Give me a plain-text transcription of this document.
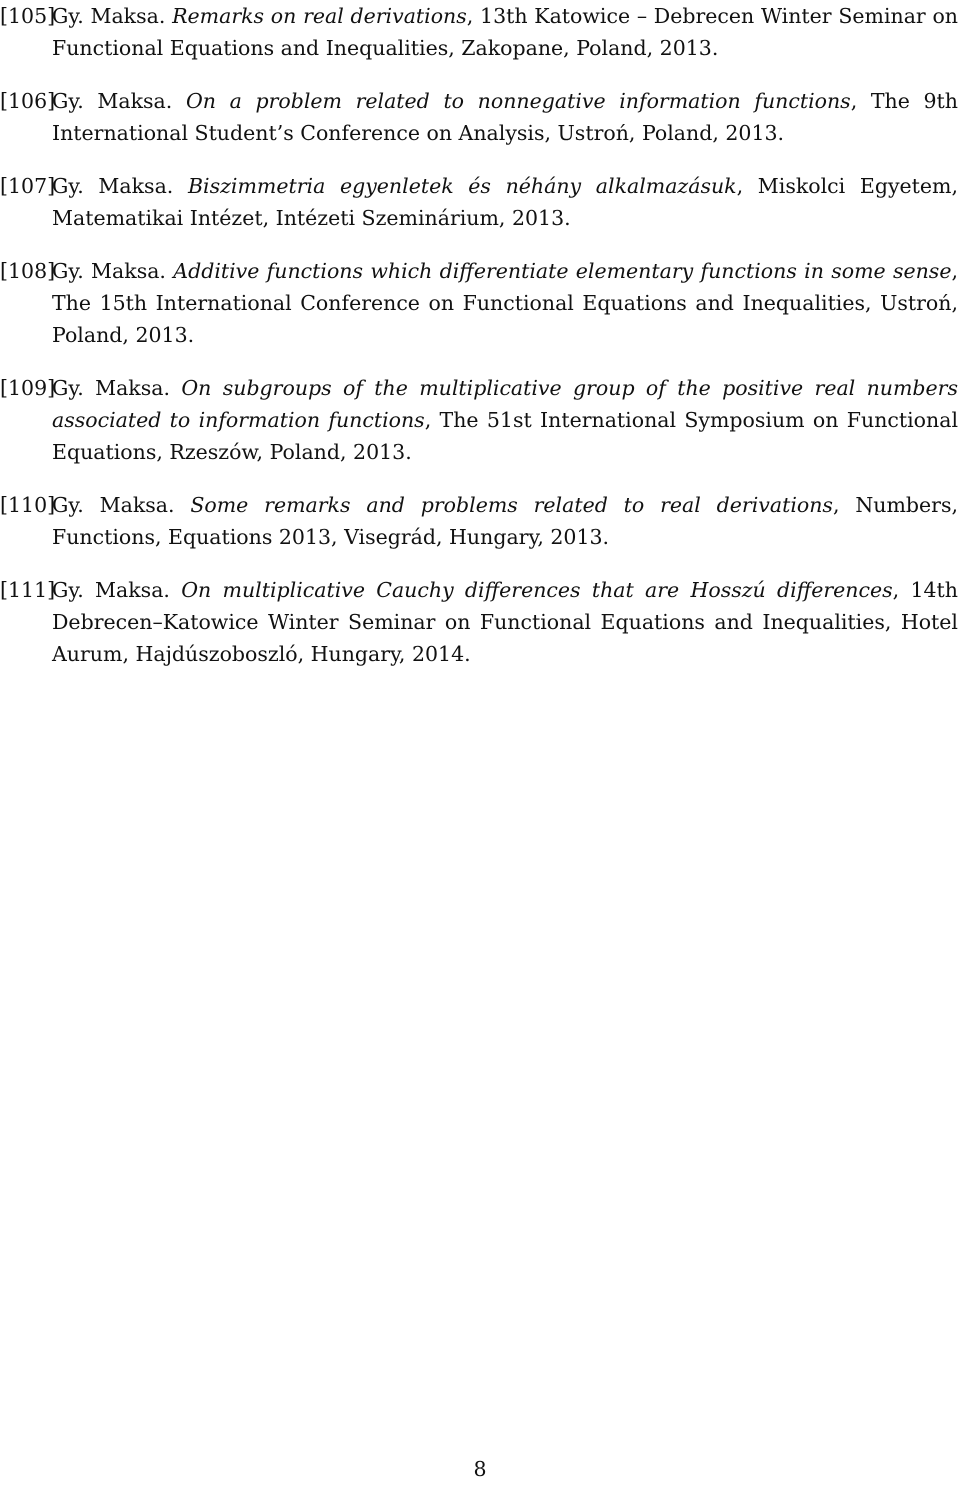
[105]
Gy. Maksa. Remarks on real derivations, 13th Katowice – Debrecen Winter Seminar on Functional Equations and Inequalities, Zakopane, Poland, 2013.
[106]
Gy. Maksa. On a problem related to nonnegative information functions, The 9th International Student’s Conference on Analysis, Ustroń, Poland, 2013.
[107]
Gy. Maksa. Biszimmetria egyenletek és néhány alkalmazásuk, Miskolci Egyetem, Matematikai Intézet, Intézeti Szeminárium, 2013.
[108]
Gy. Maksa. Additive functions which differentiate elementary functions in some sense, The 15th International Conference on Functional Equations and Inequalities, Ustroń, Poland, 2013.
[109]
Gy. Maksa. On subgroups of the multiplicative group of the positive real numbers associated to information functions, The 51st International Symposium on Functional Equations, Rzeszów, Poland, 2013.
[110]
Gy. Maksa. Some remarks and problems related to real derivations, Numbers, Functions, Equations 2013, Visegrád, Hungary, 2013.
[111]
Gy. Maksa. On multiplicative Cauchy differences that are Hosszú differences, 14th Debrecen–Katowice Winter Seminar on Functional Equations and Inequalities, Hotel Aurum, Hajdúszoboszló, Hungary, 2014.
8
